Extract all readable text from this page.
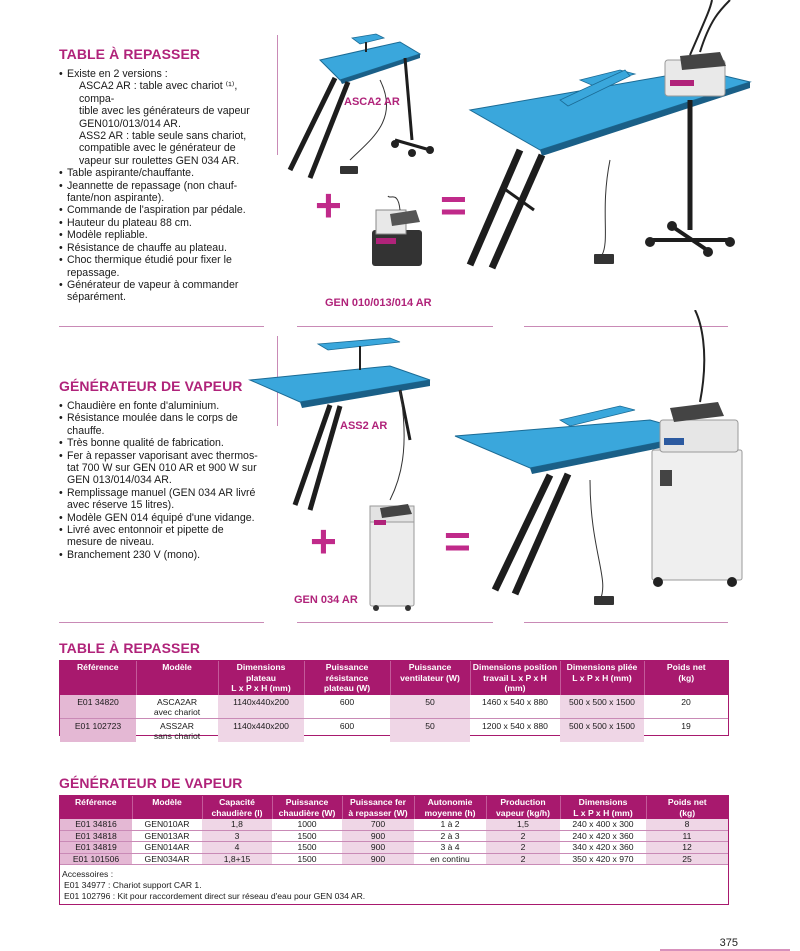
TABLE À REPASSER
• Existe en 2 versions :
ASCA2 AR : table avec chariot ⁽¹⁾, compa-
tible avec les générateurs de vapeur
GEN010/013/014 AR.
ASS2 AR : table seule sans chariot,
compatible avec le générateur de
vapeur sur roulettes GEN 034 AR.
• Table aspirante/chauffante.
• Jeannette de repassage (non chauf-
fante/non aspirante).
• Commande de l'aspiration par pédale.
• Hauteur du plateau 88 cm.
• Modèle repliable.
• Résistance de chauffe au plateau.
• Choc thermique étudié pour fixer le
repassage.
• Générateur de vapeur à commander
séparément.
GÉNÉRATEUR DE VAPEUR
• Chaudière en fonte d'aluminium.
• Résistance moulée dans le corps de
chauffe.
• Très bonne qualité de fabrication.
• Fer à repasser vaporisant avec thermos-
tat 700 W sur GEN 010 AR et 900 W sur
GEN 013/014/034 AR.
• Remplissage manuel (GEN 034 AR livré
avec réserve 15 litres).
• Modèle GEN 014 équipé d'une vidange.
• Livré avec entonnoir et pipette de
mesure de niveau.
• Branchement 230 V (mono).
ASCA2 AR
GEN 010/013/014 AR
+ =
ASS2 AR
GEN 034 AR
+ =
TABLE À REPASSER
Référence	Modèle	Dimensions plateau
L x P x H (mm)	Puissance résistance
plateau (W)	Puissance
ventilateur (W)	Dimensions position
travail L x P x H (mm)	Dimensions pliée
L x P x H (mm)	Poids net
(kg)
E01 34820	ASCA2AR
avec chariot	1140x440x200	600	50	1460 x 540 x 880	500 x 500 x 1500	20
E01 102723	ASS2AR
sans chariot	1140x440x200	600	50	1200 x 540 x 880	500 x 500 x 1500	19
GÉNÉRATEUR DE VAPEUR
Référence	Modèle	Capacité
chaudière (l)	Puissance
chaudière (W)	Puissance fer
à repasser (W)	Autonomie
moyenne (h)	Production
vapeur (kg/h)	Dimensions
L x P x H (mm)	Poids net
(kg)
E01 34816	GEN010AR	1,8	1000	700	1 à 2	1,5	240 x 400 x 300	8
E01 34818	GEN013AR	3	1500	900	2 à 3	2	240 x 420 x 360	11
E01 34819	GEN014AR	4	1500	900	3 à 4	2	340 x 420 x 360	12
E01 101506	GEN034AR	1,8+15	1500	900	en continu	2	350 x 420 x 970	25
Accessoires :
E01 34977 : Chariot support CAR 1.
E01 102796 : Kit pour raccordement direct sur réseau d'eau pour GEN 034 AR.
375
